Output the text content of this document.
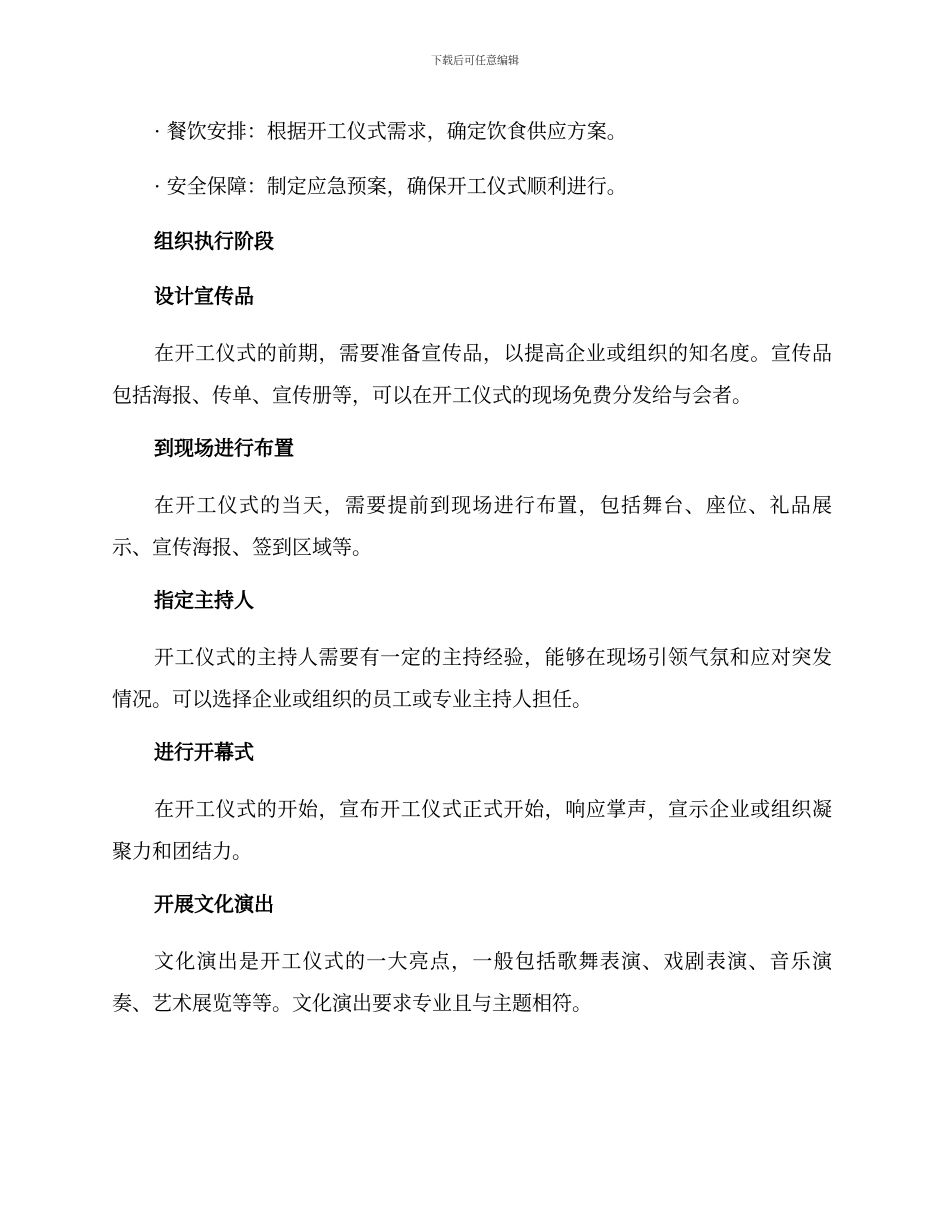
下载后可任意编辑
· 餐饮安排：根据开工仪式需求，确定饮食供应方案。
· 安全保障：制定应急预案，确保开工仪式顺利进行。
组织执行阶段
设计宣传品
在开工仪式的前期，需要准备宣传品，以提高企业或组织的知名度。宣传品包括海报、传单、宣传册等，可以在开工仪式的现场免费分发给与会者。
到现场进行布置
在开工仪式的当天，需要提前到现场进行布置，包括舞台、座位、礼品展示、宣传海报、签到区域等。
指定主持人
开工仪式的主持人需要有一定的主持经验，能够在现场引领气氛和应对突发情况。可以选择企业或组织的员工或专业主持人担任。
进行开幕式
在开工仪式的开始，宣布开工仪式正式开始，响应掌声，宣示企业或组织凝聚力和团结力。
开展文化演出
文化演出是开工仪式的一大亮点，一般包括歌舞表演、戏剧表演、音乐演奏、艺术展览等等。文化演出要求专业且与主题相符。
